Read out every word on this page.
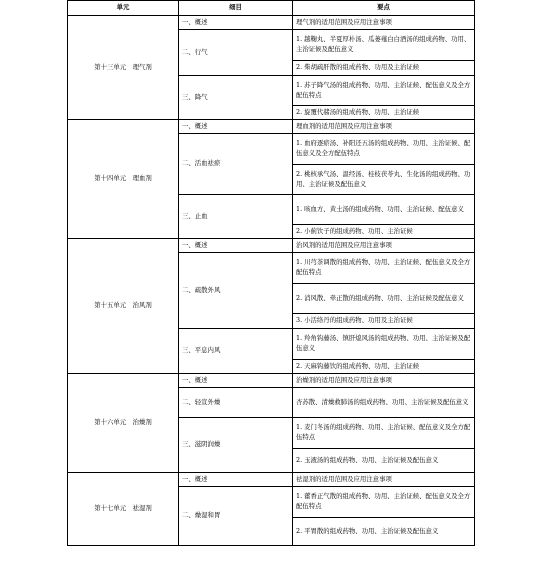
单元	细目	要点
第十三单元　理气剂	一、概述	理气剂的适用范围及应用注意事项
	二、行气	1. 越鞠丸、半夏厚朴汤、瓜蒌薤白白酒汤的组成药物、功用、主治证候及配伍意义
		2. 柴胡疏肝散的组成药物、功用及主治证候
	三、降气	1. 苏子降气汤的组成药物、功用、主治证候、配伍意义及全方配伍特点
		2. 旋覆代赭汤的组成药物、功用、主治证候
第十四单元　理血剂	一、概述	理血剂的适用范围及应用注意事项
	二、活血祛瘀	1. 血府逐瘀汤、补阳还五汤的组成药物、功用、主治证候、配伍意义及全方配伍特点
		2. 桃核承气汤、温经汤、桂枝茯苓丸、生化汤的组成药物、功用、主治证候及配伍意义
	三、止血	1. 咳血方、黄土汤的组成药物、功用、主治证候、配伍意义
		2. 小蓟饮子的组成药物、功用、主治证候
第十五单元　治风剂	一、概述	治风剂的适用范围及应用注意事项
	二、疏散外风	1. 川芎茶调散的组成药物、功用、主治证候、配伍意义及全方配伍特点
		2. 消风散、牵正散的组成药物、功用、主治证候及配伍意义
		3. 小活络丹的组成药物、功用及主治证候
	三、平息内风	1. 羚角钩藤汤、镇肝熄风汤的组成药物、功用、主治证候及配伍意义
		2. 天麻钩藤饮的组成药物、功用、主治证候
第十六单元　治燥剂	一、概述	治燥剂的适用范围及应用注意事项
	二、轻宣外燥	杏苏散、清燥救肺汤的组成药物、功用、主治证候及配伍意义
	三、滋阴润燥	1. 麦门冬汤的组成药物、功用、主治证候、配伍意义及全方配伍特点
		2. 玉液汤的组成药物、功用、主治证候及配伍意义
第十七单元　祛湿剂	一、概述	祛湿剂的适用范围及应用注意事项
	二、燥湿和胃	1. 藿香正气散的组成药物、功用、主治证候、配伍意义及全方配伍特点
		2. 平胃散的组成药物、功用、主治证候及配伍意义
